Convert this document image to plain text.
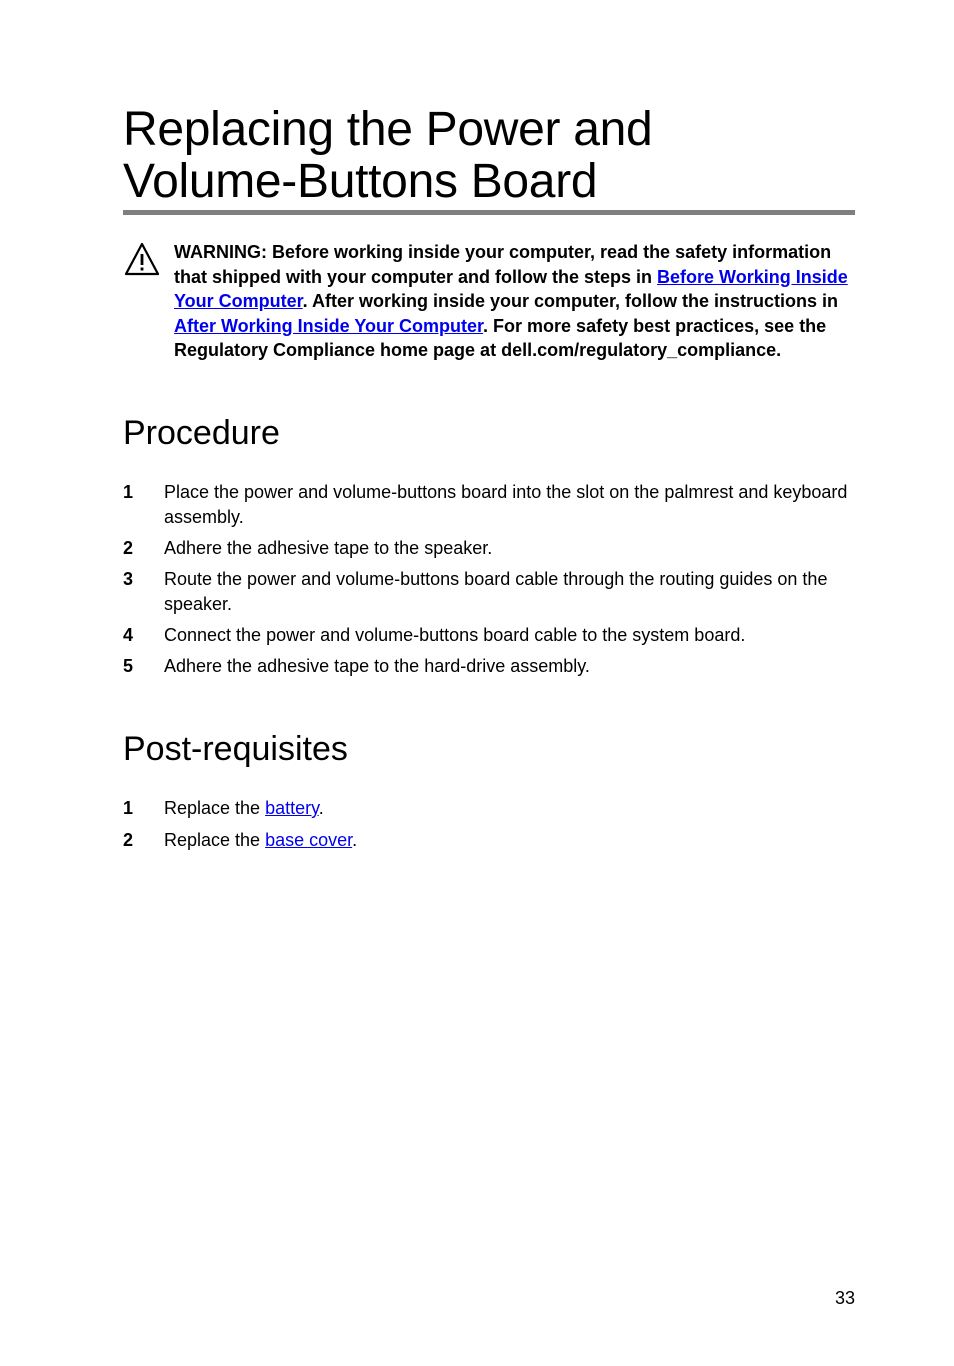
Replacing the Power and
Volume-Buttons Board
WARNING: Before working inside your computer, read the safety information that shipped with your computer and follow the steps in Before Working Inside Your Computer. After working inside your computer, follow the instructions in After Working Inside Your Computer. For more safety best practices, see the Regulatory Compliance home page at dell.com/regulatory_compliance.
Procedure
1 Place the power and volume-buttons board into the slot on the palmrest and keyboard assembly.
2 Adhere the adhesive tape to the speaker.
3 Route the power and volume-buttons board cable through the routing guides on the speaker.
4 Connect the power and volume-buttons board cable to the system board.
5 Adhere the adhesive tape to the hard-drive assembly.
Post-requisites
1 Replace the battery.
2 Replace the base cover.
33
